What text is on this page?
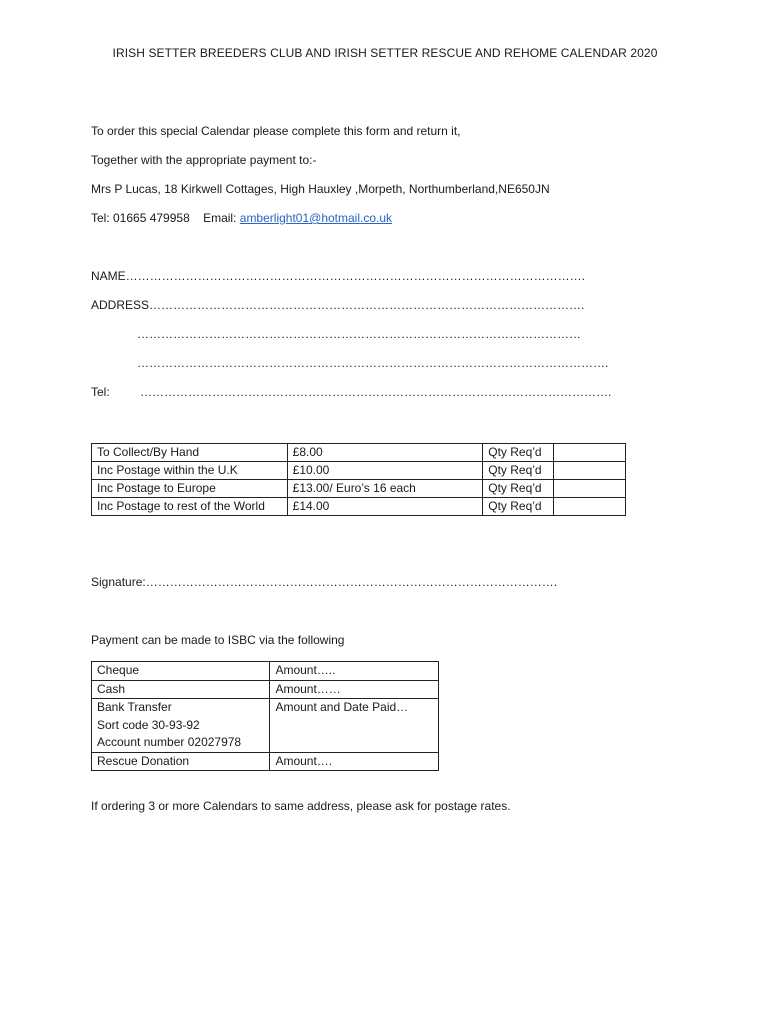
IRISH SETTER BREEDERS CLUB AND IRISH SETTER RESCUE AND REHOME CALENDAR 2020
To order this special Calendar please complete this form and return it,
Together with the appropriate payment to:-
Mrs P Lucas, 18 Kirkwell Cottages, High Hauxley ,Morpeth, Northumberland,NE650JN
Tel: 01665 479958    Email: amberlight01@hotmail.co.uk
NAME…………………………………………………………………………………………………….
ADDRESS……………………………………………………………………………………………….
…………………………………………………………………………………………………
……………………………………………………………………………………………………….
Tel:	……………………………………………………………………………………………………….
To Collect/By Hand	£8.00	Qty Req’d	
Inc Postage within the U.K	£10.00	Qty Req’d	
Inc Postage to Europe	£13.00/ Euro’s 16 each	Qty Req’d	
Inc Postage to rest of the World	£14.00	Qty Req’d	
Signature:………………………………………………………………………………………….
Payment can be made to ISBC via the following
Cheque	Amount…..

Cash	Amount……

Bank Transfer
Sort code 30-93-92
Account number 02027978	Amount and Date Paid…

Rescue Donation	Amount….
If ordering 3 or more Calendars to same address, please ask for postage rates.
